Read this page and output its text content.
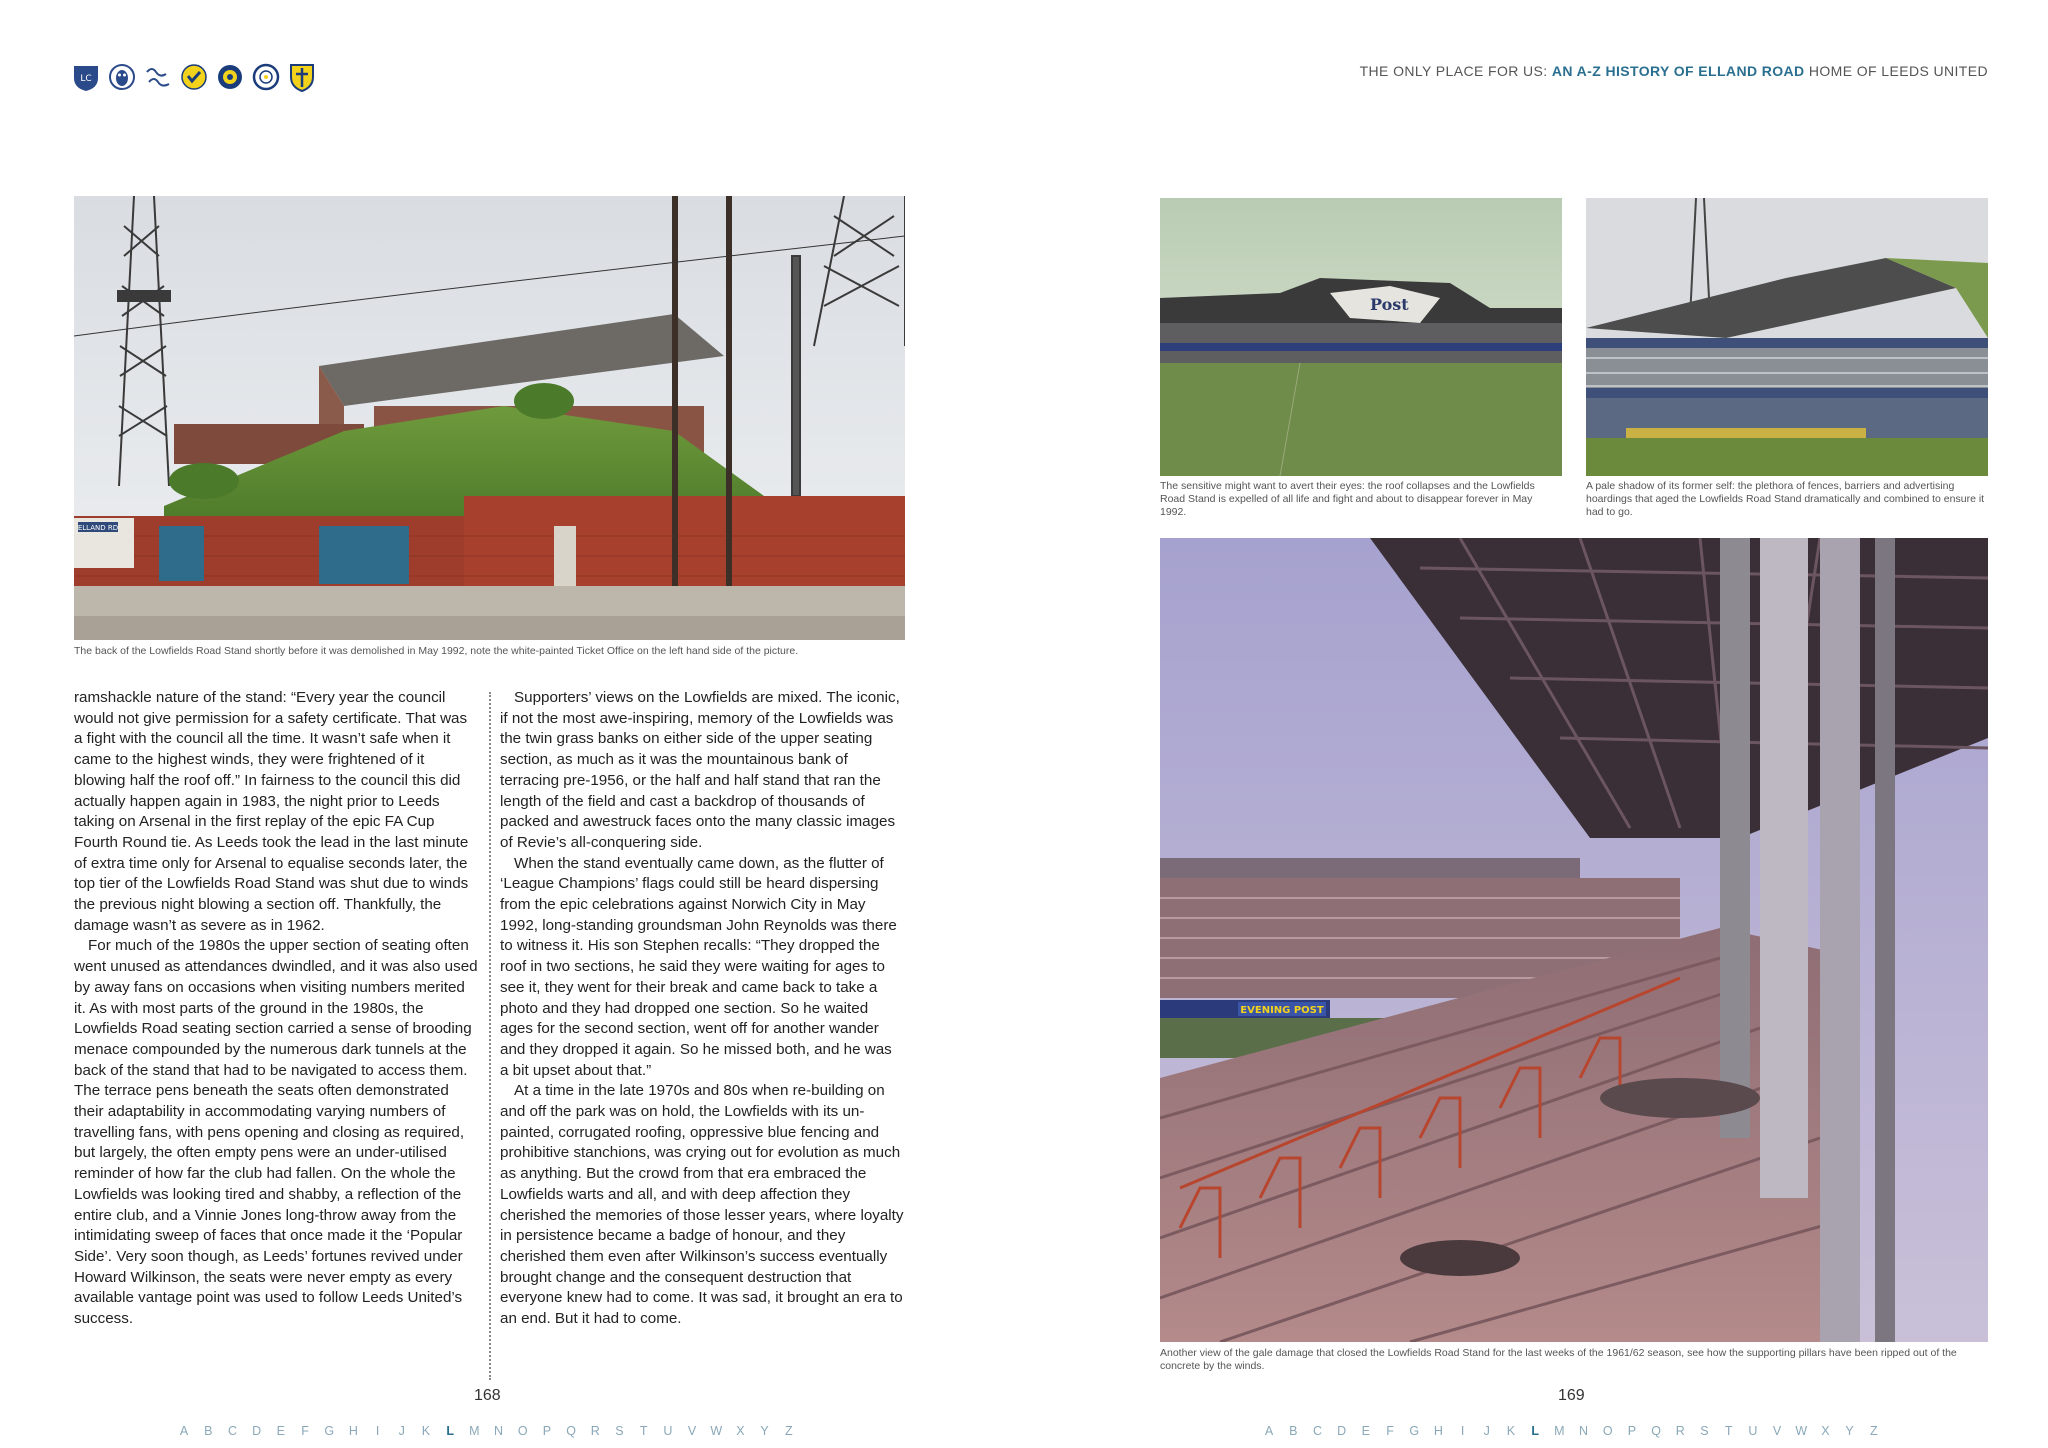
LC	THE ONLY PLACE FOR US: AN A-Z HISTORY OF ELLAND ROAD HOME OF LEEDS UNITED
ELLAND RD
The back of the Lowfields Road Stand shortly before it was demolished in May 1992, note the white-painted Ticket Office on the left hand side of the picture.

ramshackle nature of the stand: “Every year the council would not give permission for a safety certificate. That was a fight with the council all the time. It wasn’t safe when it came to the highest winds, they were frightened of it blowing half the roof off.” In fairness to the council this did actually happen again in 1983, the night prior to Leeds taking on Arsenal in the first replay of the epic FA Cup Fourth Round tie. As Leeds took the lead in the last minute of extra time only for Arsenal to equalise seconds later, the top tier of the Lowfields Road Stand was shut due to winds the previous night blowing a section off. Thankfully, the damage wasn’t as severe as in 1962.

For much of the 1980s the upper section of seating often went unused as attendances dwindled, and it was also used by away fans on occasions when visiting numbers merited it. As with most parts of the ground in the 1980s, the Lowfields Road seating section carried a sense of brooding menace compounded by the numerous dark tunnels at the back of the stand that had to be navigated to access them. The terrace pens beneath the seats often demonstrated their adaptability in accommodating varying numbers of travelling fans, with pens opening and closing as required, but largely, the often empty pens were an under-utilised reminder of how far the club had fallen. On the whole the Lowfields was looking tired and shabby, a reflection of the entire club, and a Vinnie Jones long-throw away from the intimidating sweep of faces that once made it the ‘Popular Side’. Very soon though, as Leeds’ fortunes revived under Howard Wilkinson, the seats were never empty as every available vantage point was used to follow Leeds United’s success.

Supporters’ views on the Lowfields are mixed. The iconic, if not the most awe-inspiring, memory of the Lowfields was the twin grass banks on either side of the upper seating section, as much as it was the mountainous bank of terracing pre-1956, or the half and half stand that ran the length of the field and cast a backdrop of thousands of packed and awestruck faces onto the many classic images of Revie’s all-conquering side.

When the stand eventually came down, as the flutter of ‘League Champions’ flags could still be heard dispersing from the epic celebrations against Norwich City in May 1992, long-standing groundsman John Reynolds was there to witness it. His son Stephen recalls: “They dropped the roof in two sections, he said they were waiting for ages to see it, they went for their break and came back to take a photo and they had dropped one section. So he waited ages for the second section, went off for another wander and they dropped it again. So he missed both, and he was a bit upset about that.”

At a time in the late 1970s and 80s when re-building on and off the park was on hold, the Lowfields with its un-painted, corrugated roofing, oppressive blue fencing and prohibitive stanchions, was crying out for evolution as much as anything. But the crowd from that era embraced the Lowfields warts and all, and with deep affection they cherished the memories of those lesser years, where loyalty in persistence became a badge of honour, and they cherished them even after Wilkinson’s success eventually brought change and the consequent destruction that everyone knew had to come. It was sad, it brought an era to an end. But it had to come.

Post
The sensitive might want to avert their eyes: the roof collapses and the Lowfields Road Stand is expelled of all life and fight and about to disappear forever in May 1992.
A pale shadow of its former self: the plethora of fences, barriers and advertising hoardings that aged the Lowfields Road Stand dramatically and combined to ensure it had to go.
EVENING POST
Another view of the gale damage that closed the Lowfields Road Stand for the last weeks of the 1961/62 season, see how the supporting pillars have been ripped out of the concrete by the winds.
168	169
A	B	C	D	E	F	G	H	I	J	K	L	M	N	O	P	Q	R	S	T	U	V	W	X	Y	Z	A	B	C	D	E	F	G	H	I	J	K	L	M	N	O	P	Q	R	S	T	U	V	W	X	Y	Z
